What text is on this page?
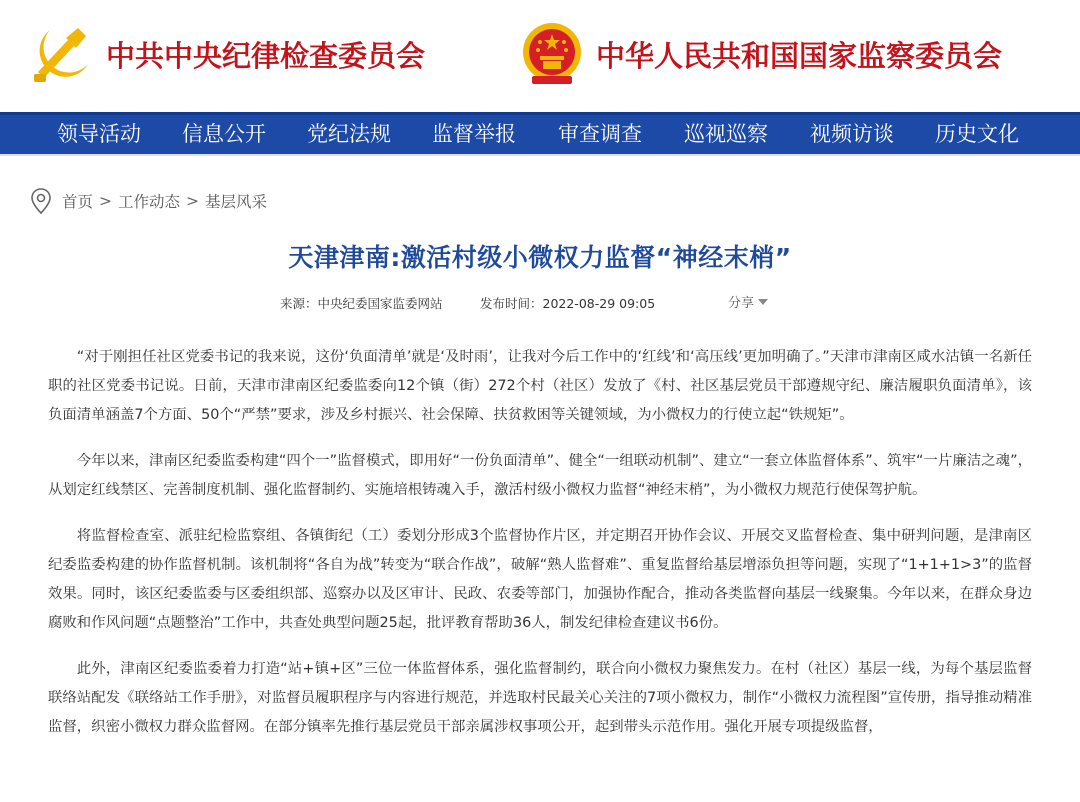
中共中央纪律检查委员会	中华人民共和国国家监察委员会
领导活动 信息公开 党纪法规 监督举报 审查调查 巡视巡察 视频访谈 历史文化
首页 > 工作动态 > 基层风采
天津津南:激活村级小微权力监督“神经末梢”
来源：中央纪委国家监委网站	发布时间：2022-08-29 09:05	分享

“对于刚担任社区党委书记的我来说，这份‘负面清单’就是‘及时雨’，让我对今后工作中的‘红线’和‘高压线’更加明确了。”天津市津南区咸水沽镇一名新任职的社区党委书记说。日前，天津市津南区纪委监委向12个镇（街）272个村（社区）发放了《村、社区基层党员干部遵规守纪、廉洁履职负面清单》，该负面清单涵盖7个方面、50个“严禁”要求，涉及乡村振兴、社会保障、扶贫救困等关键领域，为小微权力的行使立起“铁规矩”。

今年以来，津南区纪委监委构建“四个一”监督模式，即用好“一份负面清单”、健全“一组联动机制”、建立“一套立体监督体系”、筑牢“一片廉洁之魂”，从划定红线禁区、完善制度机制、强化监督制约、实施培根铸魂入手，激活村级小微权力监督“神经末梢”，为小微权力规范行使保驾护航。

将监督检查室、派驻纪检监察组、各镇街纪（工）委划分形成3个监督协作片区，并定期召开协作会议、开展交叉监督检查、集中研判问题，是津南区纪委监委构建的协作监督机制。该机制将“各自为战”转变为“联合作战”，破解“熟人监督难”、重复监督给基层增添负担等问题，实现了“1+1+1>3”的监督效果。同时，该区纪委监委与区委组织部、巡察办以及区审计、民政、农委等部门，加强协作配合，推动各类监督向基层一线聚集。今年以来，在群众身边腐败和作风问题“点题整治”工作中，共查处典型问题25起，批评教育帮助36人，制发纪律检查建议书6份。

此外，津南区纪委监委着力打造“站+镇+区”三位一体监督体系，强化监督制约，联合向小微权力聚焦发力。在村（社区）基层一线，为每个基层监督联络站配发《联络站工作手册》，对监督员履职程序与内容进行规范，并选取村民最关心关注的7项小微权力，制作“小微权力流程图”宣传册，指导推动精准监督，织密小微权力群众监督网。在部分镇率先推行基层党员干部亲属涉权事项公开，起到带头示范作用。强化开展专项提级监督，
